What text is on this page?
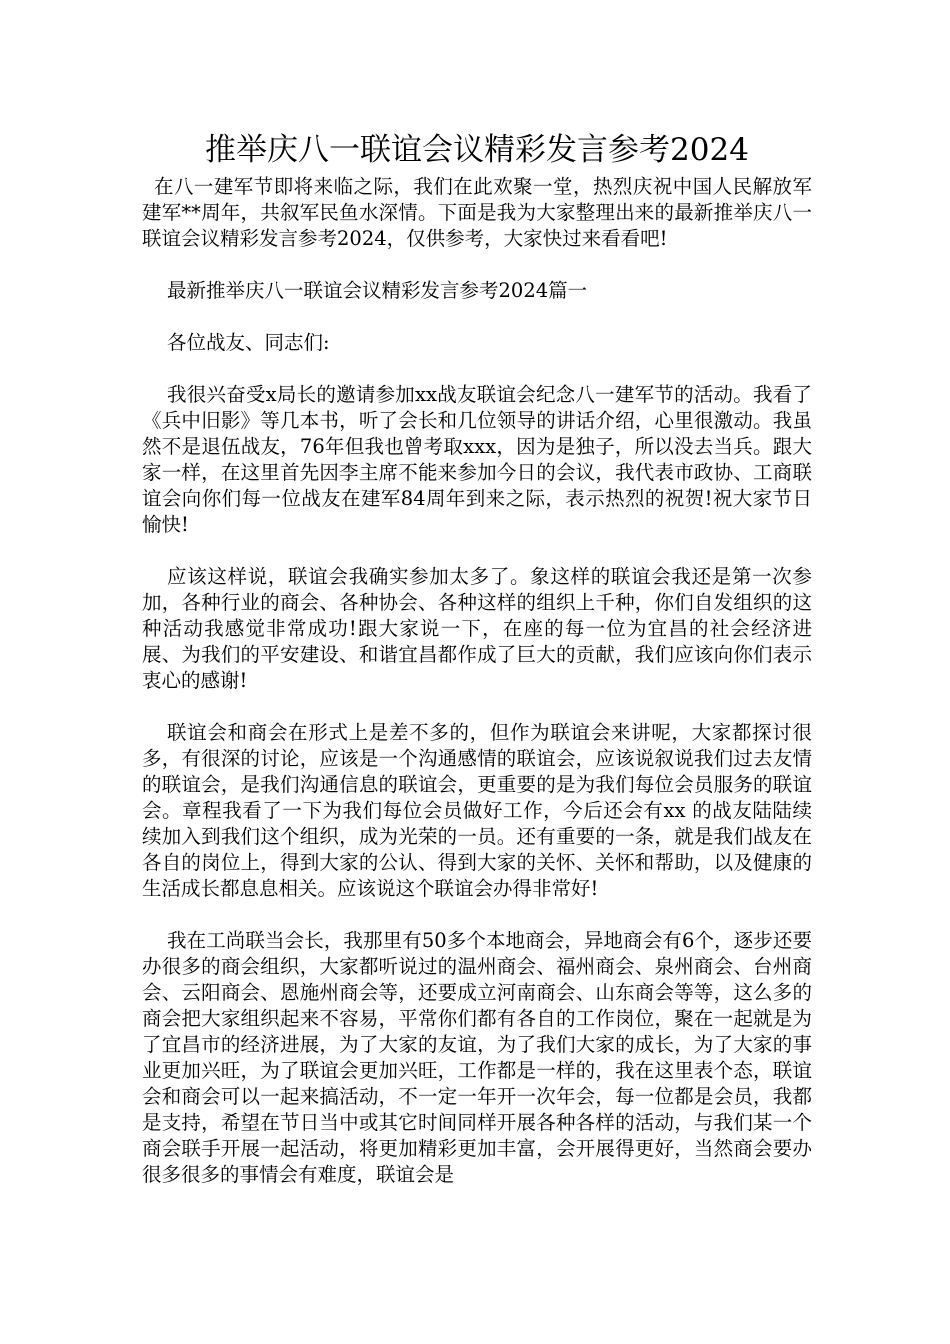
推举庆八一联谊会议精彩发言参考2024

在八一建军节即将来临之际，我们在此欢聚一堂，热烈庆祝中国人民解放军建军**周年，共叙军民鱼水深情。下面是我为大家整理出来的最新推举庆八一联谊会议精彩发言参考2024，仅供参考，大家快过来看看吧!

最新推举庆八一联谊会议精彩发言参考2024篇一

各位战友、同志们:

我很兴奋受x局长的邀请参加xx战友联谊会纪念八一建军节的活动。我看了《兵中旧影》等几本书，听了会长和几位领导的讲话介绍，心里很激动。我虽然不是退伍战友，76年但我也曾考取xxx，因为是独子，所以没去当兵。跟大家一样，在这里首先因李主席不能来参加今日的会议，我代表市政协、工商联谊会向你们每一位战友在建军84周年到来之际，表示热烈的祝贺!祝大家节日愉快!

应该这样说，联谊会我确实参加太多了。象这样的联谊会我还是第一次参加，各种行业的商会、各种协会、各种这样的组织上千种，你们自发组织的这种活动我感觉非常成功!跟大家说一下，在座的每一位为宜昌的社会经济进展、为我们的平安建设、和谐宜昌都作成了巨大的贡献，我们应该向你们表示衷心的感谢!

联谊会和商会在形式上是差不多的，但作为联谊会来讲呢，大家都探讨很多，有很深的讨论，应该是一个沟通感情的联谊会，应该说叙说我们过去友情的联谊会，是我们沟通信息的联谊会，更重要的是为我们每位会员服务的联谊会。章程我看了一下为我们每位会员做好工作，今后还会有xx 的战友陆陆续续加入到我们这个组织，成为光荣的一员。还有重要的一条，就是我们战友在各自的岗位上，得到大家的公认、得到大家的关怀、关怀和帮助，以及健康的生活成长都息息相关。应该说这个联谊会办得非常好!

我在工尚联当会长，我那里有50多个本地商会，异地商会有6个，逐步还要办很多的商会组织，大家都听说过的温州商会、福州商会、泉州商会、台州商会、云阳商会、恩施州商会等，还要成立河南商会、山东商会等等，这么多的商会把大家组织起来不容易，平常你们都有各自的工作岗位，聚在一起就是为了宜昌市的经济进展，为了大家的友谊，为了我们大家的成长，为了大家的事业更加兴旺，为了联谊会更加兴旺，工作都是一样的，我在这里表个态，联谊会和商会可以一起来搞活动，不一定一年开一次年会，每一位都是会员，我都是支持，希望在节日当中或其它时间同样开展各种各样的活动，与我们某一个商会联手开展一起活动，将更加精彩更加丰富，会开展得更好，当然商会要办很多很多的事情会有难度，联谊会是
